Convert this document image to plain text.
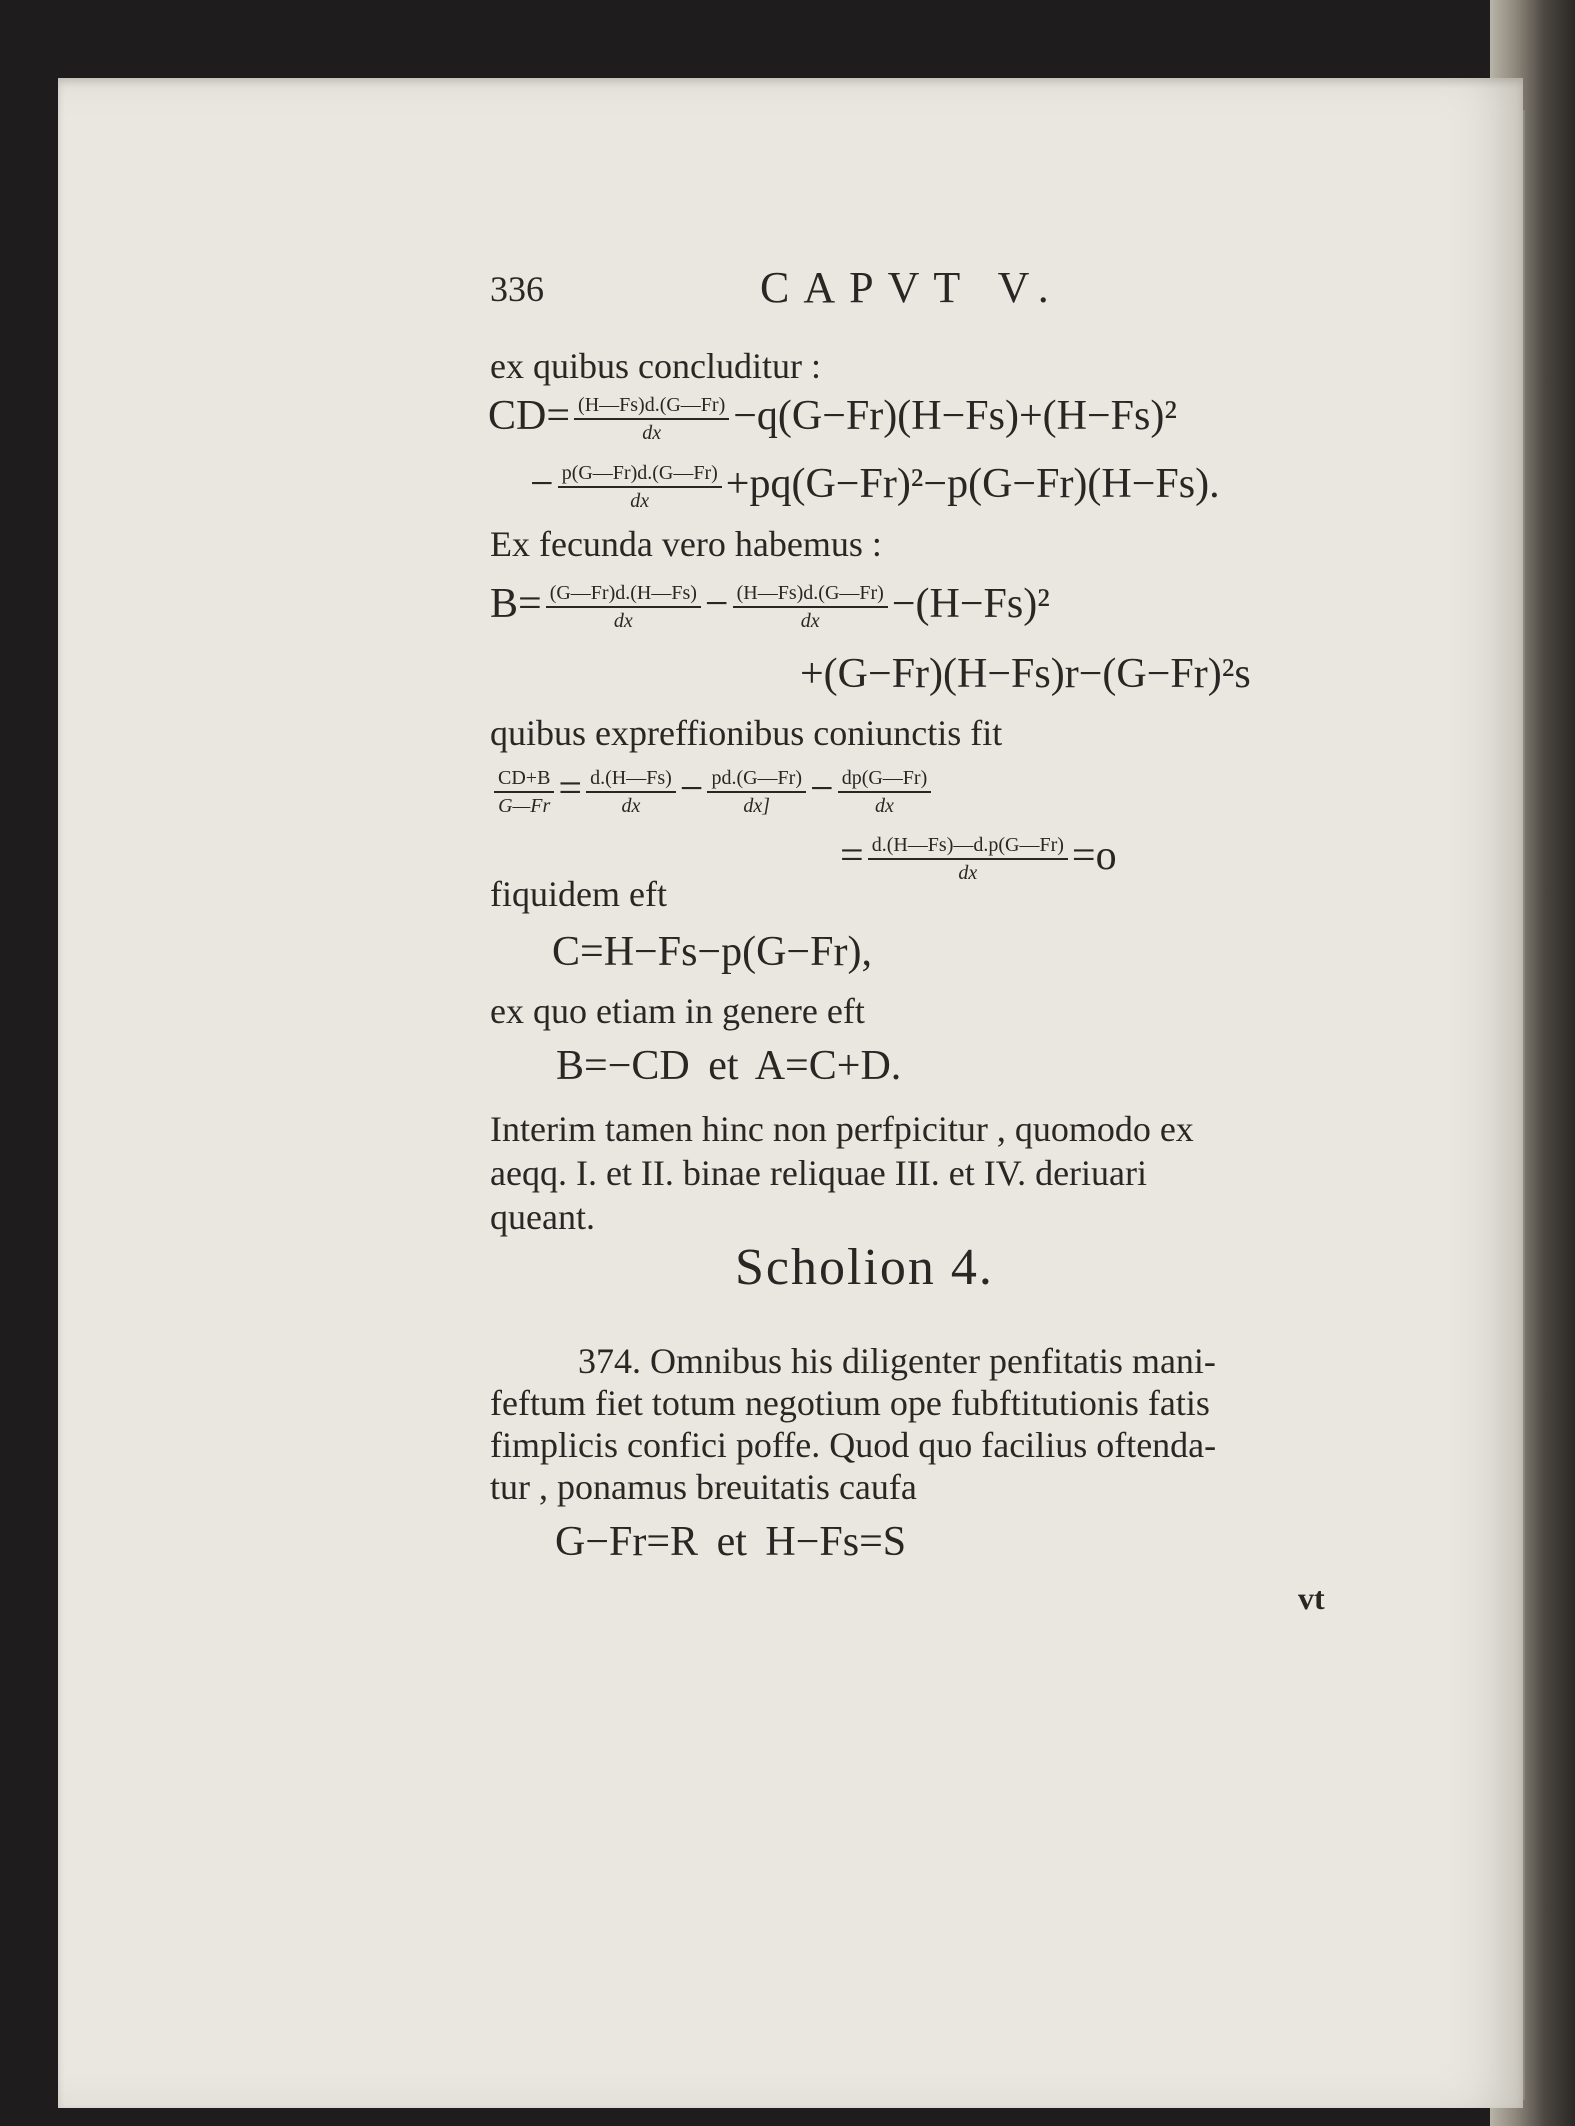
336	CAPVT V.
ex quibus concluditur :
$CD= \frac{(H—Fs)d.(G—Fr)}{dx} -q(G-Fr)(H-Fs)+(H-Fs)^2$
− $\frac{p(G—Fr)d.(G—Fr)}{dx} +pq(G-Fr)^2-p(G-Fr)(H-Fs)$.
Ex fecunda vero habemus :
$B= \frac{(G—Fr)d.(H—Fs)}{dx} - \frac{(H—Fs)d.(G—Fr)}{dx} -(H-Fs)^2$
+(G−Fr)(H−Fs)r−(G−Fr)²s
quibus expreffionibus coniunctis fit
$\frac{CD+B}{G—Fr} = \frac{d.(H—Fs)}{dx} - \frac{pd.(G—Fr)}{dx]} - \frac{dp(G—Fr)}{dx}$
= $\frac{d.(H—Fs)—d.p(G—Fr)}{dx} =o$
fiquidem eft
C=H−Fs−p(G−Fr),
ex quo etiam in genere eft
B=−CD et A=C+D.
Interim tamen hinc non perfpicitur , quomodo ex
aeqq. I. et II. binae reliquae III. et IV. deriuari
queant.
Scholion 4.
374. Omnibus his diligenter penfitatis mani-
feftum fiet totum negotium ope fubftitutionis fatis
fimplicis confici poffe. Quod quo facilius oftenda-
tur , ponamus breuitatis caufa
G−Fr=R et H−Fs=S
vt
